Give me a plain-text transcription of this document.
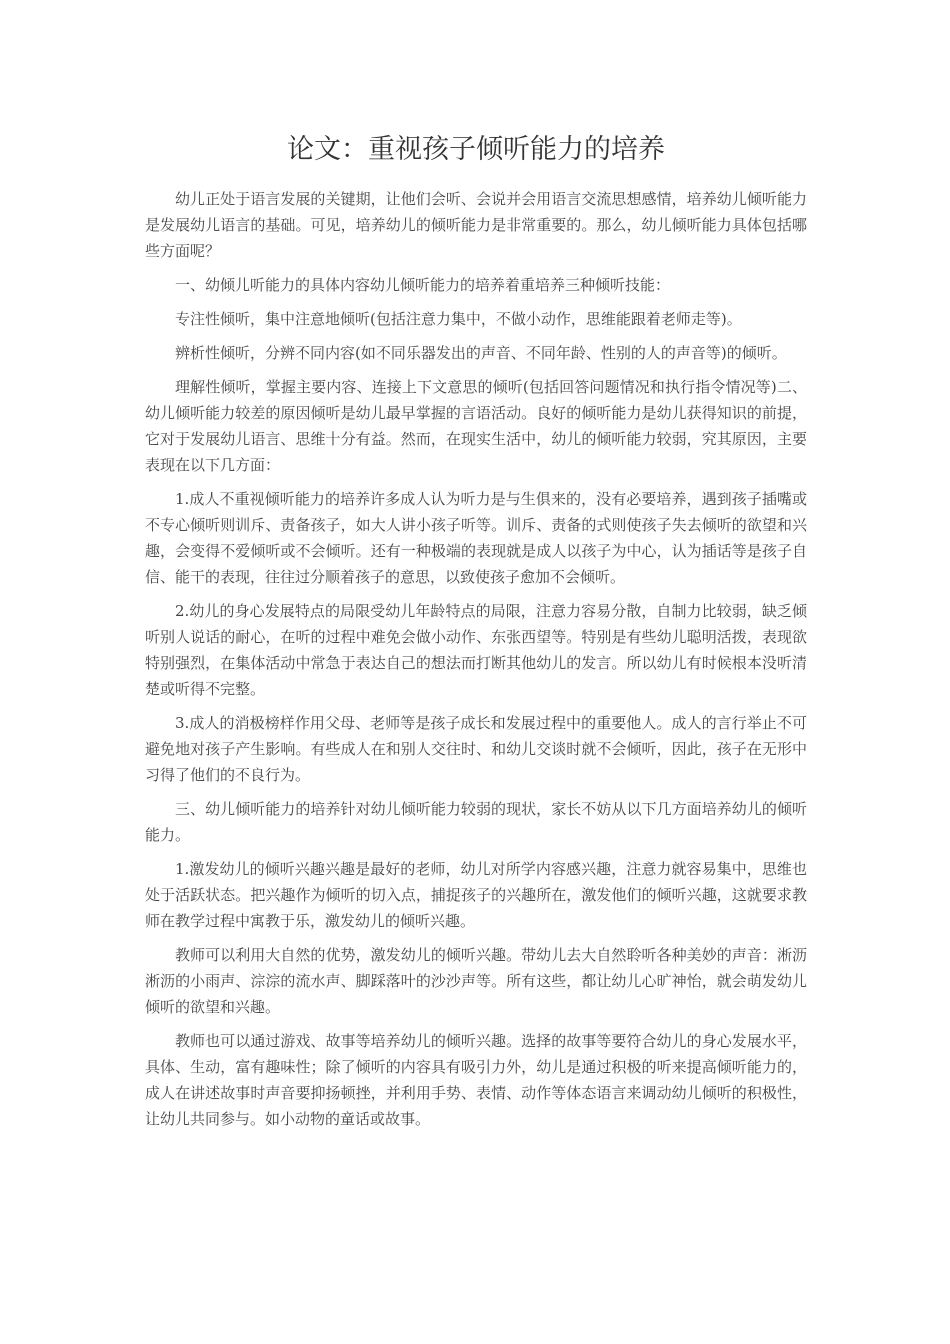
论文：重视孩子倾听能力的培养

幼儿正处于语言发展的关键期，让他们会听、会说并会用语言交流思想感情，培养幼儿倾听能力是发展幼儿语言的基础。可见，培养幼儿的倾听能力是非常重要的。那么，幼儿倾听能力具体包括哪些方面呢？

一、幼倾儿听能力的具体内容幼儿倾听能力的培养着重培养三种倾听技能：

专注性倾听，集中注意地倾听(包括注意力集中，不做小动作，思维能跟着老师走等)。

辨析性倾听，分辨不同内容(如不同乐器发出的声音、不同年龄、性别的人的声音等)的倾听。

理解性倾听，掌握主要内容、连接上下文意思的倾听(包括回答问题情况和执行指令情况等)二、幼儿倾听能力较差的原因倾听是幼儿最早掌握的言语活动。良好的倾听能力是幼儿获得知识的前提，它对于发展幼儿语言、思维十分有益。然而，在现实生活中，幼儿的倾听能力较弱，究其原因，主要表现在以下几方面：

1.成人不重视倾听能力的培养许多成人认为听力是与生俱来的，没有必要培养，遇到孩子插嘴或不专心倾听则训斥、责备孩子，如大人讲小孩子听等。训斥、责备的式则使孩子失去倾听的欲望和兴趣，会变得不爱倾听或不会倾听。还有一种极端的表现就是成人以孩子为中心，认为插话等是孩子自信、能干的表现，往往过分顺着孩子的意思，以致使孩子愈加不会倾听。

2.幼儿的身心发展特点的局限受幼儿年龄特点的局限，注意力容易分散，自制力比较弱，缺乏倾听别人说话的耐心，在听的过程中难免会做小动作、东张西望等。特别是有些幼儿聪明活拨，表现欲特别强烈，在集体活动中常急于表达自己的想法而打断其他幼儿的发言。所以幼儿有时候根本没听清楚或听得不完整。

3.成人的消极榜样作用父母、老师等是孩子成长和发展过程中的重要他人。成人的言行举止不可避免地对孩子产生影响。有些成人在和别人交往时、和幼儿交谈时就不会倾听，因此，孩子在无形中习得了他们的不良行为。

三、幼儿倾听能力的培养针对幼儿倾听能力较弱的现状，家长不妨从以下几方面培养幼儿的倾听能力。

1.激发幼儿的倾听兴趣兴趣是最好的老师，幼儿对所学内容感兴趣，注意力就容易集中，思维也处于活跃状态。把兴趣作为倾听的切入点，捕捉孩子的兴趣所在，激发他们的倾听兴趣，这就要求教师在教学过程中寓教于乐，激发幼儿的倾听兴趣。

教师可以利用大自然的优势，激发幼儿的倾听兴趣。带幼儿去大自然聆听各种美妙的声音：淅沥淅沥的小雨声、淙淙的流水声、脚踩落叶的沙沙声等。所有这些，都让幼儿心旷神怡，就会萌发幼儿倾听的欲望和兴趣。

教师也可以通过游戏、故事等培养幼儿的倾听兴趣。选择的故事等要符合幼儿的身心发展水平，具体、生动，富有趣味性；除了倾听的内容具有吸引力外，幼儿是通过积极的听来提高倾听能力的，成人在讲述故事时声音要抑扬顿挫，并利用手势、表情、动作等体态语言来调动幼儿倾听的积极性，让幼儿共同参与。如小动物的童话或故事。
